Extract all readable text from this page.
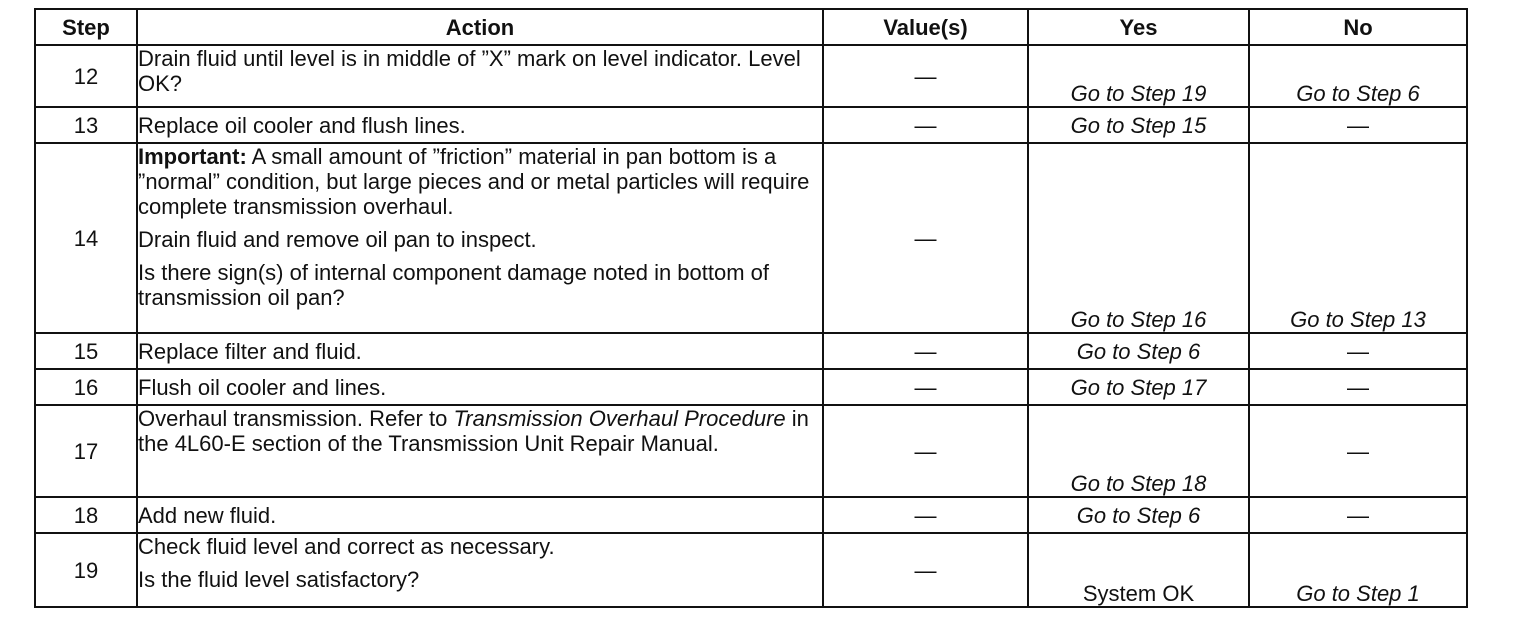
Step	Action	Value(s)	Yes	No
12	Drain fluid until level is in middle of ”X” mark on level indicator. Level OK?	—	Go to Step 19	Go to Step 6
13	Replace oil cooler and flush lines.	—	Go to Step 15	—
14	Important: A small amount of ”friction” material in pan bottom is a ”normal” condition, but large pieces and or metal particles will require complete transmission overhaul.
Drain fluid and remove oil pan to inspect.
Is there sign(s) of internal component damage noted in bottom of transmission oil pan?	—	Go to Step 16	Go to Step 13
15	Replace filter and fluid.	—	Go to Step 6	—
16	Flush oil cooler and lines.	—	Go to Step 17	—
17	Overhaul transmission. Refer to Transmission Overhaul Procedure in the 4L60-E section of the Transmission Unit Repair Manual.	—	Go to Step 18	—
18	Add new fluid.	—	Go to Step 6	—
19	Check fluid level and correct as necessary.
Is the fluid level satisfactory?	—	System OK	Go to Step 1
